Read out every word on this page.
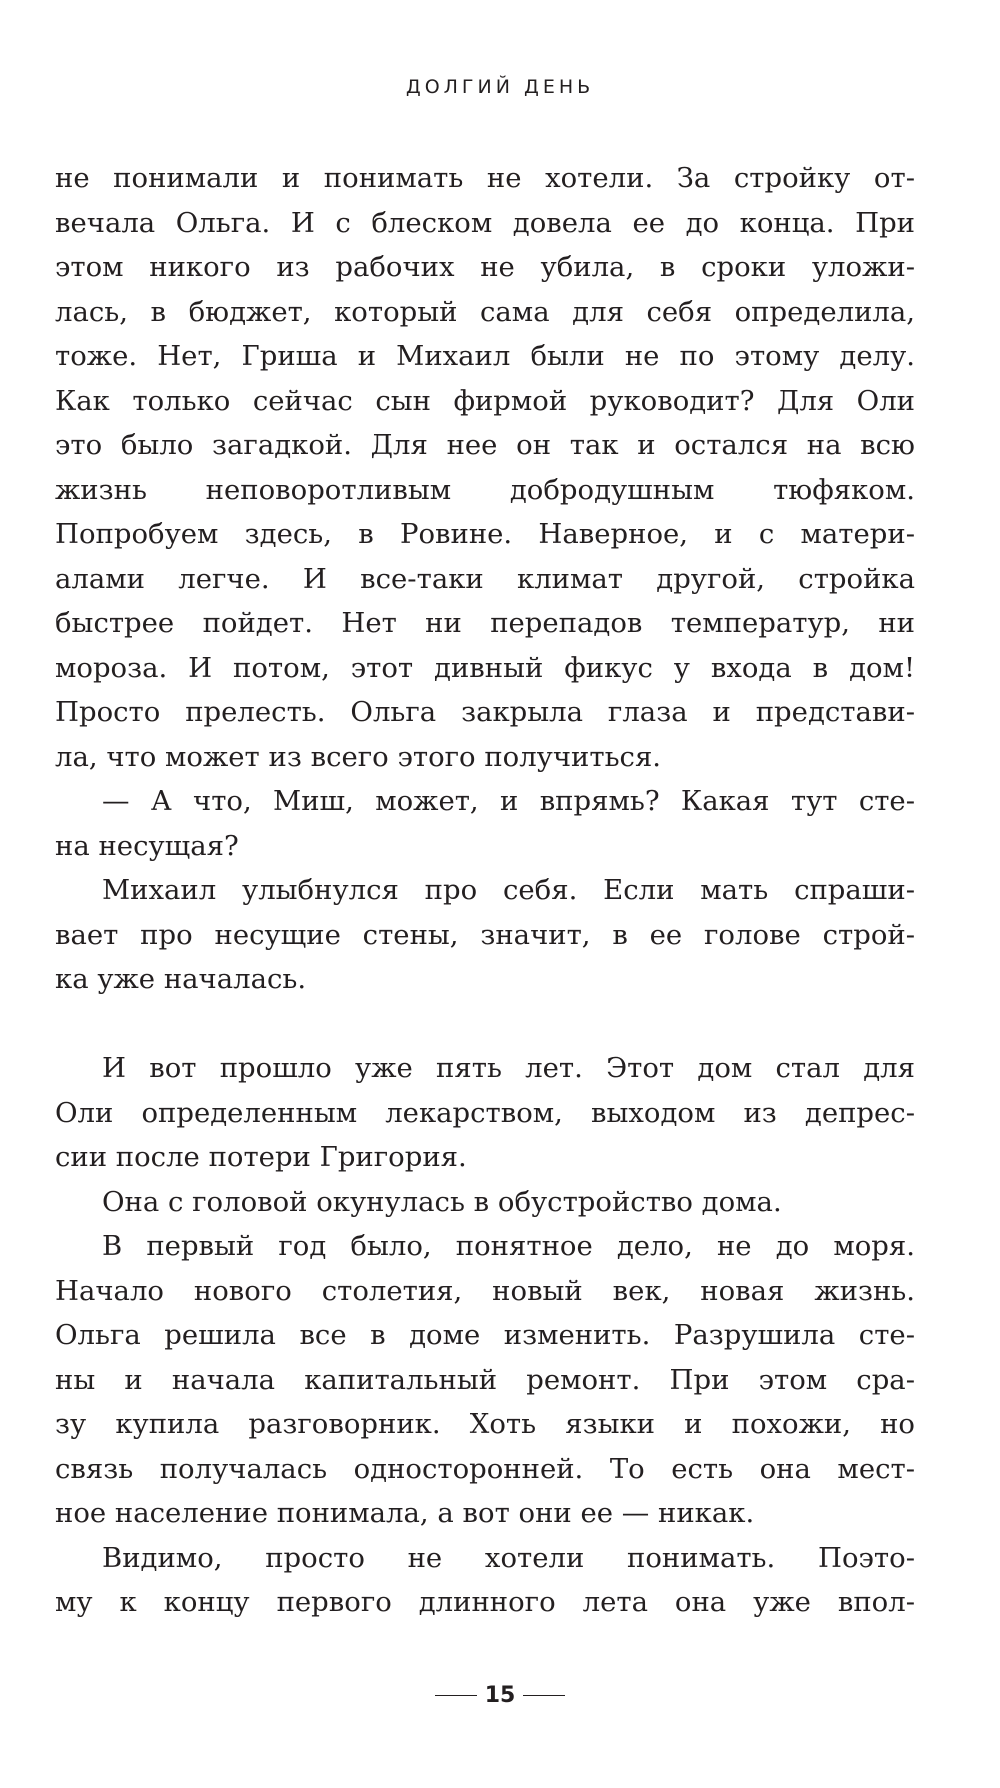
ДОЛГИЙ ДЕНЬ
не понимали и понимать не хотели. За стройку от-
вечала Ольга. И с блеском довела ее до конца. При
этом никого из рабочих не убила, в сроки уложи-
лась, в бюджет, который сама для себя определила,
тоже. Нет, Гриша и Михаил были не по этому делу.
Как только сейчас сын фирмой руководит? Для Оли
это было загадкой. Для нее он так и остался на всю
жизнь неповоротливым добродушным тюфяком.
Попробуем здесь, в Ровине. Наверное, и с матери-
алами легче. И все-таки климат другой, стройка
быстрее пойдет. Нет ни перепадов температур, ни
мороза. И потом, этот дивный фикус у входа в дом!
Просто прелесть. Ольга закрыла глаза и представи-
ла, что может из всего этого получиться.
— А что, Миш, может, и впрямь? Какая тут сте-
на несущая?
Михаил улыбнулся про себя. Если мать спраши-
вает про несущие стены, значит, в ее голове строй-
ка уже началась.
И вот прошло уже пять лет. Этот дом стал для
Оли определенным лекарством, выходом из депрес-
сии после потери Григория.
Она с головой окунулась в обустройство дома.
В первый год было, понятное дело, не до моря.
Начало нового столетия, новый век, новая жизнь.
Ольга решила все в доме изменить. Разрушила сте-
ны и начала капитальный ремонт. При этом сра-
зу купила разговорник. Хоть языки и похожи, но
связь получалась односторонней. То есть она мест-
ное население понимала, а вот они ее — никак.
Видимо, просто не хотели понимать. Поэто-
му к концу первого длинного лета она уже впол-
15
